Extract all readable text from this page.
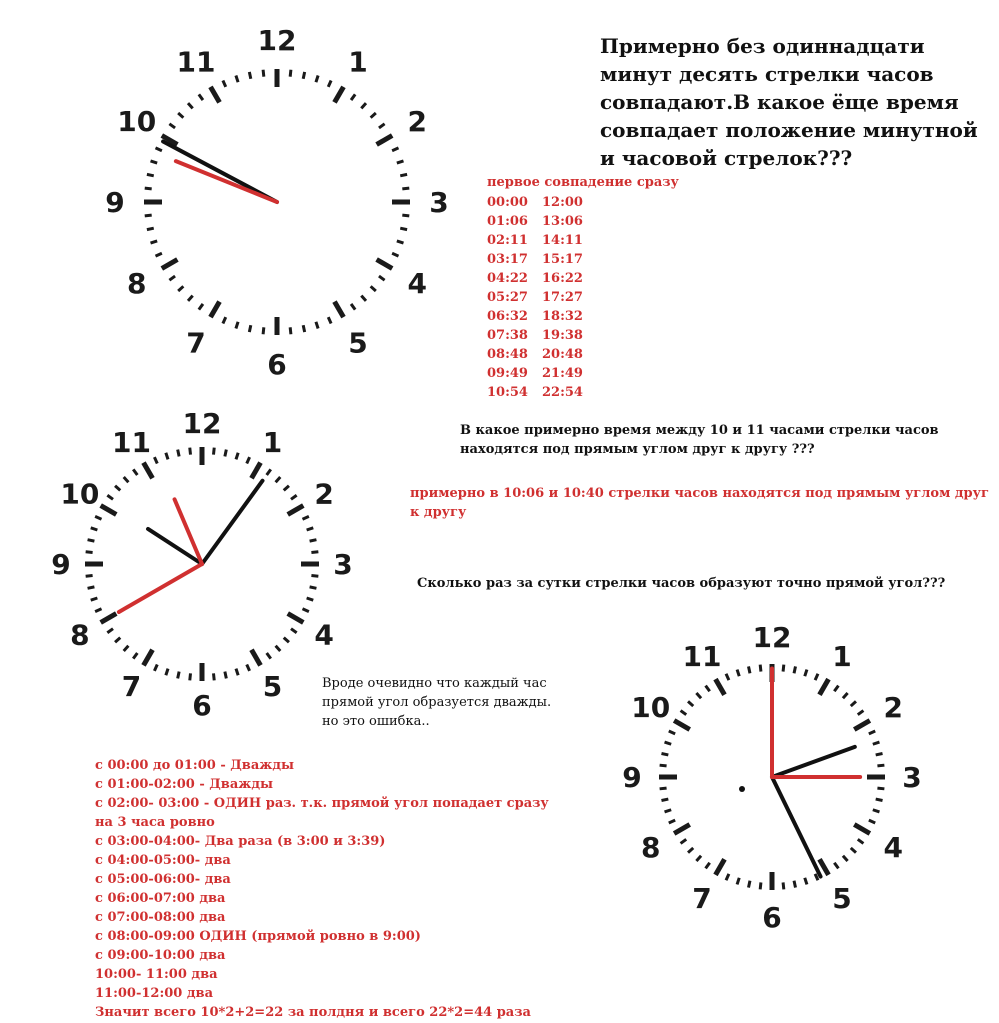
12
1
2
3
4
5
6
7
8
9
10
11
12
1
2
3
4
5
6
7
8
9
10
11
12
1
2
3
4
5
6
7
8
9
10
11
Примерно без одиннадцати
минут десять стрелки часов
совпадают.В какое ёще время
совпадает положение минутной
и часовой стрелок???
первое совпадение сразу
00:00 12:00
01:06 13:06
02:11 14:11
03:17 15:17
04:22 16:22
05:27 17:27
06:32 18:32
07:38 19:38
08:48 20:48
09:49 21:49
10:54 22:54
В какое примерно время между 10 и 11 часами стрелки часов
находятся под прямым углом друг к другу ???
примерно в 10:06 и 10:40 стрелки часов находятся под прямым углом друг
к другу
Сколько раз за сутки стрелки часов образуют точно прямой угол???
Вроде очевидно что каждый час
прямой угол образуется дважды.
но это ошибка..
с 00:00 до 01:00 - Дважды
с 01:00-02:00 - Дважды
с 02:00- 03:00 - ОДИН раз. т.к. прямой угол попадает сразу
на 3 часа ровно
с 03:00-04:00- Два раза (в 3:00 и 3:39)
с 04:00-05:00- два
с 05:00-06:00- два
с 06:00-07:00 два
с 07:00-08:00 два
с 08:00-09:00 ОДИН (прямой ровно в 9:00)
с 09:00-10:00 два
10:00- 11:00 два
11:00-12:00 два
Значит всего 10*2+2=22 за полдня и всего 22*2=44 раза
